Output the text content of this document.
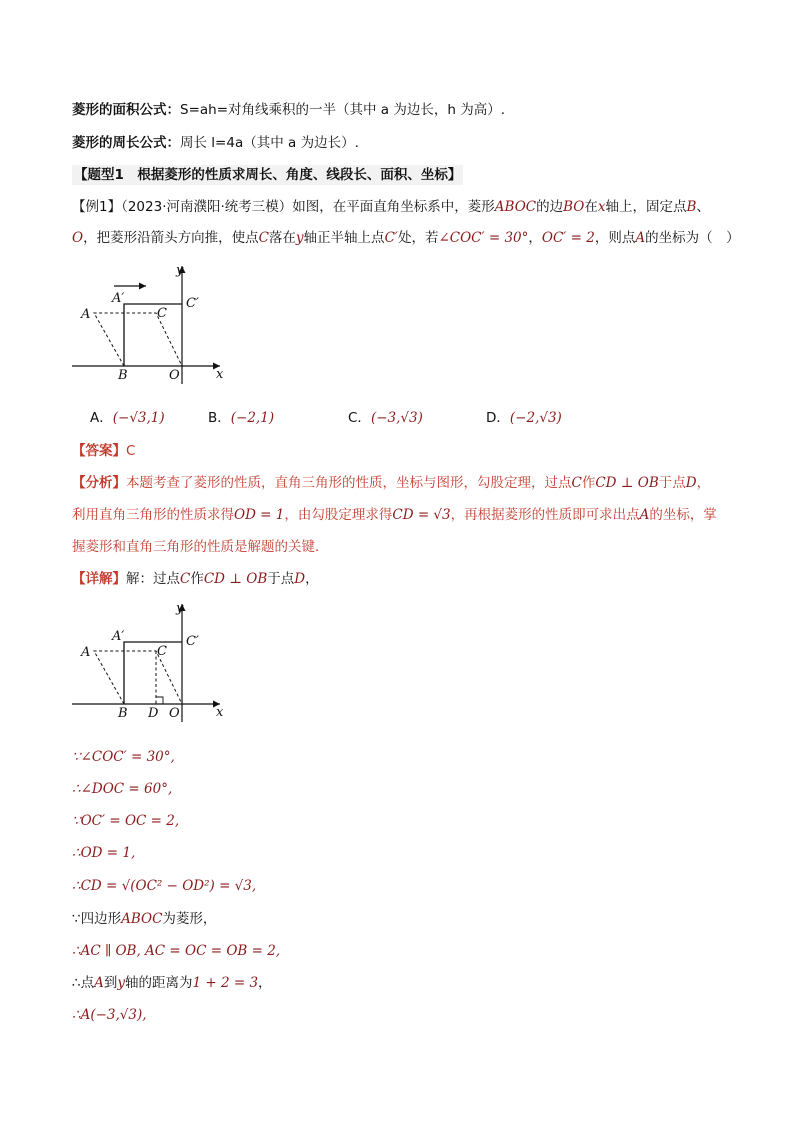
菱形的面积公式：S=ah=对角线乘积的一半（其中 a 为边长，h 为高）.
菱形的周长公式：周长 l=4a（其中 a 为边长）.
【题型1　根据菱形的性质求周长、角度、线段长、面积、坐标】
【例1】（2023·河南濮阳·统考三模）如图，在平面直角坐标系中，菱形ABOC的边BO在x轴上，固定点B、
O，把菱形沿箭头方向推，使点C落在y轴正半轴上点C′处，若∠COC′ = 30°，OC′ = 2，则点A的坐标为（　）
y
x
A
A′
C
C′
B	O
A．(−√3,1)	B．(−2,1)	C．(−3,√3)	D．(−2,√3)
【答案】C
【分析】本题考查了菱形的性质，直角三角形的性质，坐标与图形，勾股定理，过点C作CD ⊥ OB于点D，
利用直角三角形的性质求得OD = 1，由勾股定理求得CD = √3，再根据菱形的性质即可求出点A的坐标，掌
握菱形和直角三角形的性质是解题的关键．
【详解】解：过点C作CD ⊥ OB于点D，
y
x
A
A′
C
C′
B D O
∵∠COC′ = 30°,
∴∠DOC = 60°,
∵OC′ = OC = 2,
∴OD = 1,
∴CD = √(OC² − OD²) = √3,
∵四边形ABOC为菱形，
∴AC ∥ OB, AC = OC = OB = 2,
∴点A到y轴的距离为1 + 2 = 3，
∴A(−3,√3),
